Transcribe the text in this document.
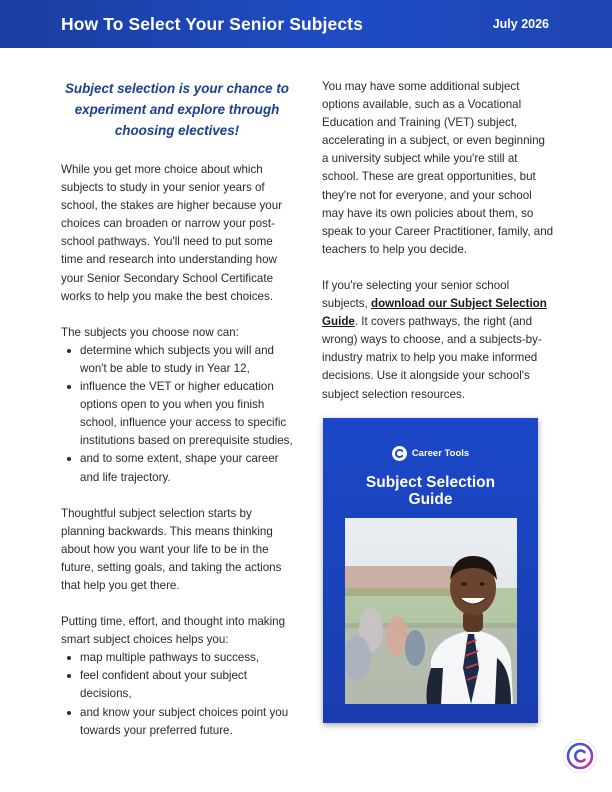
How To Select Your Senior Subjects	July 2026
Subject selection is your chance to experiment and explore through choosing electives!

While you get more choice about which subjects to study in your senior years of school, the stakes are higher because your choices can broaden or narrow your post-school pathways. You'll need to put some time and research into understanding how your Senior Secondary School Certificate works to help you make the best choices.

The subjects you choose now can:

determine which subjects you will and won't be able to study in Year 12,
influence the VET or higher education options open to you when you finish school, influence your access to specific institutions based on prerequisite studies,
and to some extent, shape your career and life trajectory.

Thoughtful subject selection starts by planning backwards. This means thinking about how you want your life to be in the future, setting goals, and taking the actions that help you get there.

Putting time, effort, and thought into making smart subject choices helps you:

map multiple pathways to success,
feel confident about your subject decisions,
and know your subject choices point you towards your preferred future.

You may have some additional subject options available, such as a Vocational Education and Training (VET) subject, accelerating in a subject, or even beginning a university subject while you're still at school. These are great opportunities, but they're not for everyone, and your school may have its own policies about them, so speak to your Career Practitioner, family, and teachers to help you decide.

If you're selecting your senior school subjects, download our Subject Selection Guide. It covers pathways, the right (and wrong) ways to choose, and a subjects-by-industry matrix to help you make informed decisions. Use it alongside your school's subject selection resources.

Career Tools
Subject Selection
Guide
